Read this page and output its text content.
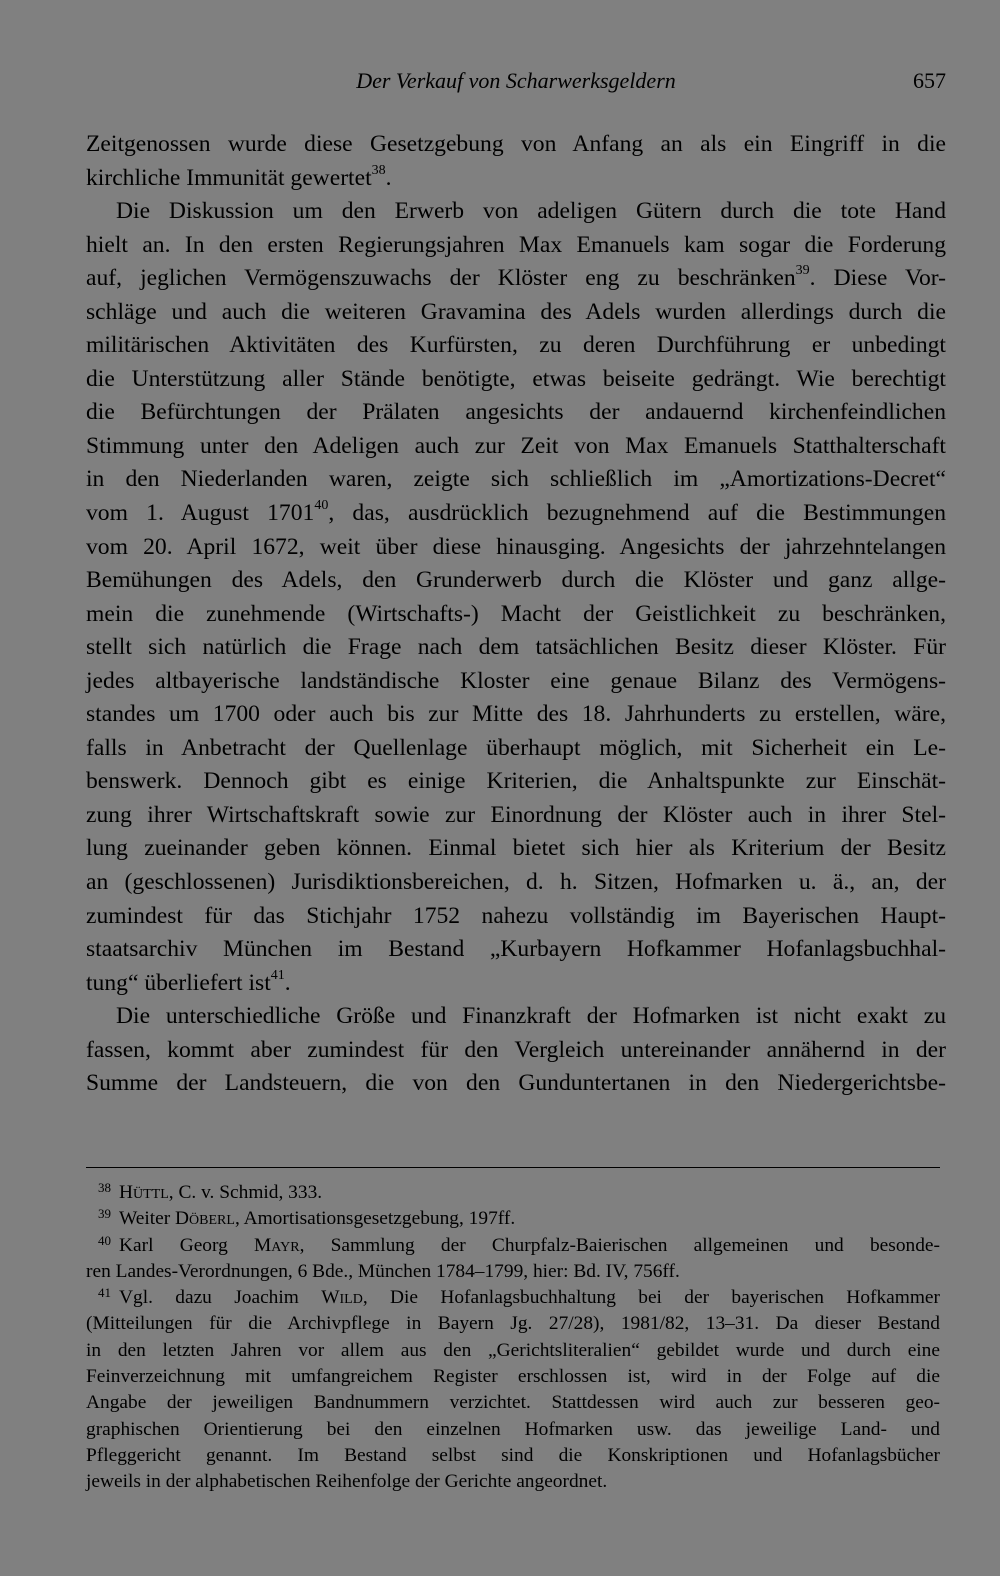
Der Verkauf von Scharwerksgeldern	657
Zeitgenossen wurde diese Gesetzgebung von Anfang an als ein Eingriff in die
kirchliche Immunität gewertet$^{38}$.
Die Diskussion um den Erwerb von adeligen Gütern durch die tote Hand
hielt an. In den ersten Regierungsjahren Max Emanuels kam sogar die Forderung
auf, jeglichen Vermögenszuwachs der Klöster eng zu beschränken$^{39}$. Diese Vor-
schläge und auch die weiteren Gravamina des Adels wurden allerdings durch die
militärischen Aktivitäten des Kurfürsten, zu deren Durchführung er unbedingt
die Unterstützung aller Stände benötigte, etwas beiseite gedrängt. Wie berechtigt
die Befürchtungen der Prälaten angesichts der andauernd kirchenfeindlichen
Stimmung unter den Adeligen auch zur Zeit von Max Emanuels Statthalterschaft
in den Niederlanden waren, zeigte sich schließlich im „Amortizations-Decret“
vom 1. August 1701$^{40}$, das, ausdrücklich bezugnehmend auf die Bestimmungen
vom 20. April 1672, weit über diese hinausging. Angesichts der jahrzehntelangen
Bemühungen des Adels, den Grunderwerb durch die Klöster und ganz allge-
mein die zunehmende (Wirtschafts-) Macht der Geistlichkeit zu beschränken,
stellt sich natürlich die Frage nach dem tatsächlichen Besitz dieser Klöster. Für
jedes altbayerische landständische Kloster eine genaue Bilanz des Vermögens-
standes um 1700 oder auch bis zur Mitte des 18. Jahrhunderts zu erstellen, wäre,
falls in Anbetracht der Quellenlage überhaupt möglich, mit Sicherheit ein Le-
benswerk. Dennoch gibt es einige Kriterien, die Anhaltspunkte zur Einschät-
zung ihrer Wirtschaftskraft sowie zur Einordnung der Klöster auch in ihrer Stel-
lung zueinander geben können. Einmal bietet sich hier als Kriterium der Besitz
an (geschlossenen) Jurisdiktionsbereichen, d. h. Sitzen, Hofmarken u. ä., an, der
zumindest für das Stichjahr 1752 nahezu vollständig im Bayerischen Haupt-
staatsarchiv München im Bestand „Kurbayern Hofkammer Hofanlagsbuchhal-
tung“ überliefert ist$^{41}$.
Die unterschiedliche Größe und Finanzkraft der Hofmarken ist nicht exakt zu
fassen, kommt aber zumindest für den Vergleich untereinander annähernd in der
Summe der Landsteuern, die von den Gunduntertanen in den Niedergerichtsbe-
$^{38}$ Hüttl, C. v. Schmid, 333.
$^{39}$ Weiter Döberl, Amortisationsgesetzgebung, 197ff.
$^{40}$ Karl Georg Mayr, Sammlung der Churpfalz-Baierischen allgemeinen und besonde-
ren Landes-Verordnungen, 6 Bde., München 1784–1799, hier: Bd. IV, 756ff.
$^{41}$ Vgl. dazu Joachim Wild, Die Hofanlagsbuchhaltung bei der bayerischen Hofkammer
(Mitteilungen für die Archivpflege in Bayern Jg. 27/28), 1981/82, 13–31. Da dieser Bestand
in den letzten Jahren vor allem aus den „Gerichtsliteralien“ gebildet wurde und durch eine
Feinverzeichnung mit umfangreichem Register erschlossen ist, wird in der Folge auf die
Angabe der jeweiligen Bandnummern verzichtet. Stattdessen wird auch zur besseren geo-
graphischen Orientierung bei den einzelnen Hofmarken usw. das jeweilige Land- und
Pfleggericht genannt. Im Bestand selbst sind die Konskriptionen und Hofanlagsbücher
jeweils in der alphabetischen Reihenfolge der Gerichte angeordnet.
